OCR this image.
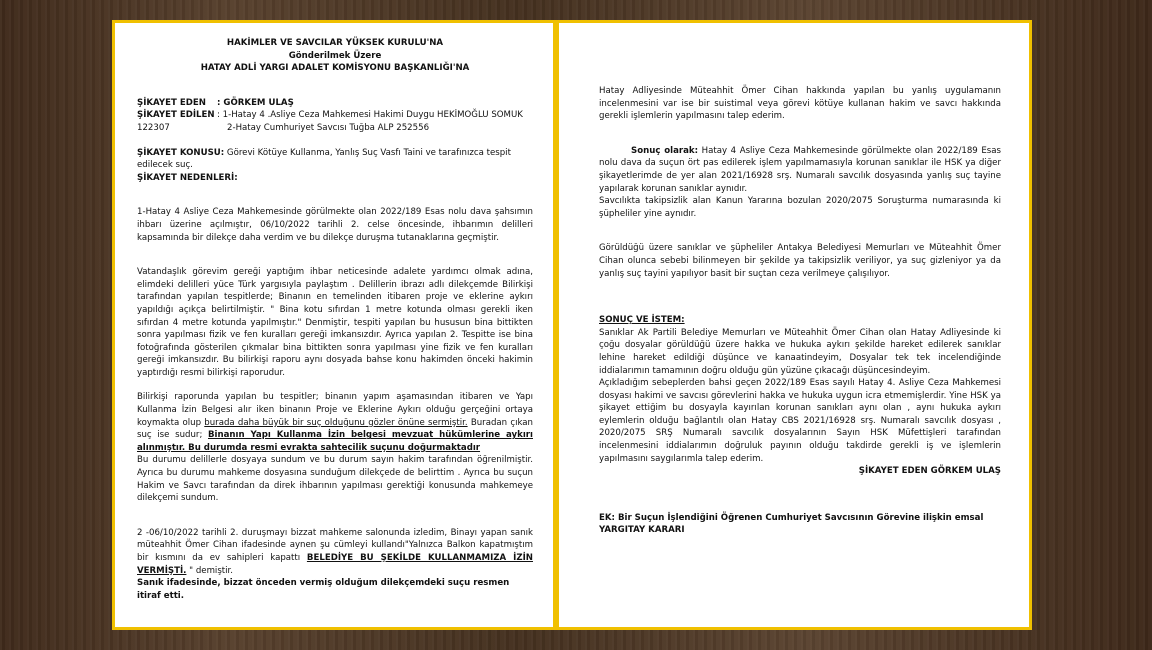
HAKİMLER VE SAVCILAR YÜKSEK KURULU'NA

Gönderilmek Üzere

HATAY ADLİ YARGI ADALET KOMİSYONU BAŞKANLIĞI'NA

ŞİKAYET EDEN	: GÖRKEM ULAŞ
ŞİKAYET EDİLEN : 1-Hatay 4 .Asliye Ceza Mahkemesi Hakimi Duygu HEKİMOĞLU SOMUK
122307	2-Hatay Cumhuriyet Savcısı Tuğba ALP 252556

ŞİKAYET KONUSU: Görevi Kötüye Kullanma, Yanlış Suç Vasfı Taini ve tarafınızca tespit edilecek suç.

ŞİKAYET NEDENLERİ:

1-Hatay 4 Asliye Ceza Mahkemesinde görülmekte olan 2022/189 Esas nolu dava şahsımın ihbarı üzerine açılmıştır, 06/10/2022 tarihli 2. celse öncesinde, ihbarımın delilleri kapsamında bir dilekçe daha verdim ve bu dilekçe duruşma tutanaklarına geçmiştir.

Vatandaşlık görevim gereği yaptığım ihbar neticesinde adalete yardımcı olmak adına, elimdeki delilleri yüce Türk yargısıyla paylaştım . Delillerin ibrazı adlı dilekçemde Bilirkişi tarafından yapılan tespitlerde; Binanın en temelinden itibaren proje ve eklerine aykırı yapıldığı açıkça belirtilmiştir. " Bina kotu sıfırdan 1 metre kotunda olması gerekli iken sıfırdan 4 metre kotunda yapılmıştır." Denmiştir, tespiti yapılan bu hususun bina bittikten sonra yapılması fizik ve fen kuralları gereği imkansızdır. Ayrıca yapılan 2. Tespitte ise bina fotoğrafında gösterilen çıkmalar bina bittikten sonra yapılması yine fizik ve fen kuralları gereği imkansızdır. Bu bilirkişi raporu aynı dosyada bahse konu hakimden önceki hakimin yaptırdığı resmi bilirkişi raporudur.

Bilirkişi raporunda yapılan bu tespitler; binanın yapım aşamasından itibaren ve Yapı Kullanma İzin Belgesi alır iken binanın Proje ve Eklerine Aykırı olduğu gerçeğini ortaya koymakta olup burada daha büyük bir suç olduğunu gözler önüne sermiştir. Buradan çıkan suç ise sudur; Binanın Yapı Kullanma İzin belgesi mevzuat hükümlerine aykırı alınmıştır. Bu durumda resmi evrakta sahtecilik suçunu doğurmaktadır

Bu durumu delillerle dosyaya sundum ve bu durum sayın hakim tarafından öğrenilmiştir. Ayrıca bu durumu mahkeme dosyasına sunduğum dilekçede de belirttim . Ayrıca bu suçun Hakim ve Savcı tarafından da direk ihbarının yapılması gerektiği konusunda mahkemeye dilekçemi sundum.

2 -06/10/2022 tarihli 2. duruşmayı bizzat mahkeme salonunda izledim, Binayı yapan sanık müteahhit Ömer Cihan ifadesinde aynen şu cümleyi kullandı"Yalnızca Balkon kapatmıştım bir kısmını da ev sahipleri kapattı BELEDİYE BU ŞEKİLDE KULLANMAMIZA İZİN VERMİŞTİ. " demiştir.

Sanık ifadesinde, bizzat önceden vermiş olduğum dilekçemdeki suçu resmen itiraf etti.

Hatay Adliyesinde Müteahhit Ömer Cihan hakkında yapılan bu yanlış uygulamanın incelenmesini var ise bir suistimal veya görevi kötüye kullanan hakim ve savcı hakkında gerekli işlemlerin yapılmasını talep ederim.

Sonuç olarak: Hatay 4 Asliye Ceza Mahkemesinde görülmekte olan 2022/189 Esas nolu dava da suçun ört pas edilerek işlem yapılmamasıyla korunan sanıklar ile HSK ya diğer şikayetlerimde de yer alan 2021/16928 srş. Numaralı savcılık dosyasında yanlış suç tayine yapılarak korunan sanıklar aynıdır.

Savcılıkta takipsizlik alan Kanun Yararına bozulan 2020/2075 Soruşturma numarasında ki şüpheliler yine aynıdır.

Görüldüğü üzere sanıklar ve şüpheliler Antakya Belediyesi Memurları ve Müteahhit Ömer Cihan olunca sebebi bilinmeyen bir şekilde ya takipsizlik veriliyor, ya suç gizleniyor ya da yanlış suç tayini yapılıyor basit bir suçtan ceza verilmeye çalışılıyor.

SONUÇ VE İSTEM:

Sanıklar Ak Partili Belediye Memurları ve Müteahhit Ömer Cihan olan Hatay Adliyesinde ki çoğu dosyalar görüldüğü üzere hakka ve hukuka aykırı şekilde hareket edilerek sanıklar lehine hareket edildiği düşünce ve kanaatindeyim, Dosyalar tek tek incelendiğinde iddialarımın tamamının doğru olduğu gün yüzüne çıkacağı düşüncesindeyim.

Açıkladığım sebeplerden bahsi geçen 2022/189 Esas sayılı Hatay 4. Asliye Ceza Mahkemesi dosyası hakimi ve savcısı görevlerini hakka ve hukuka uygun icra etmemişlerdir. Yine HSK ya şikayet ettiğim bu dosyayla kayırılan korunan sanıkları aynı olan , aynı hukuka aykırı eylemlerin olduğu bağlantılı olan Hatay CBS 2021/16928 srş. Numaralı savcılık dosyası , 2020/2075 SRŞ Numaralı savcılık dosyalarının Sayın HSK Müfettişleri tarafından incelenmesini iddialarımın doğruluk payının olduğu takdirde gerekli iş ve işlemlerin yapılmasını saygılarımla talep ederim.

ŞİKAYET EDEN GÖRKEM ULAŞ

EK: Bir Suçun İşlendiğini Öğrenen Cumhuriyet Savcısının Görevine ilişkin emsal YARGITAY KARARI
